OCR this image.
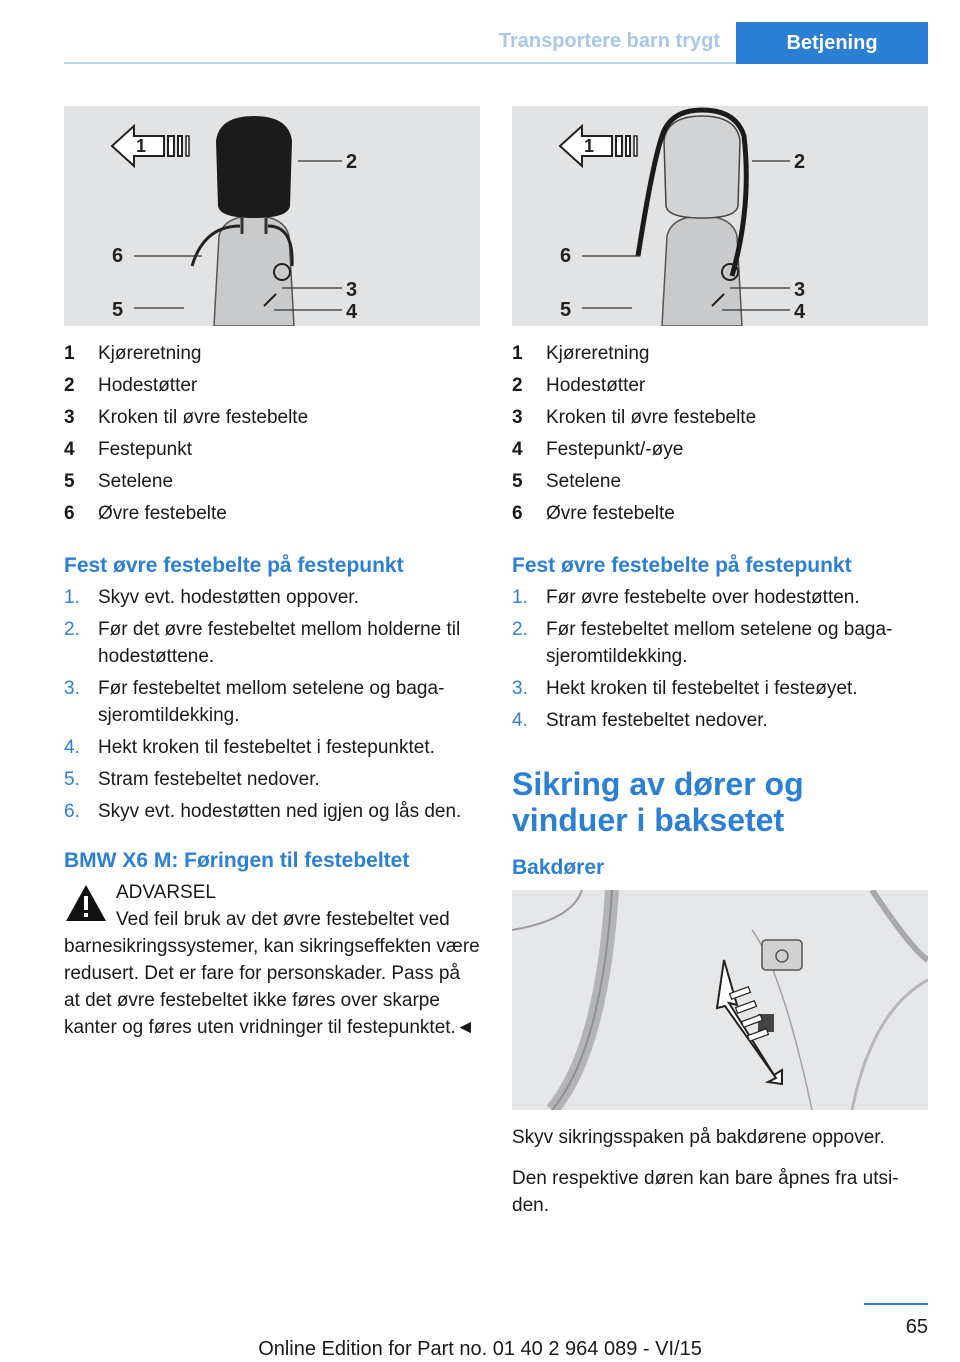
Transportere barn trygt	Betjening
1
2
6
3
5	4
1	Kjøreretning
2	Hodestøtter
3	Kroken til øvre festebelte
4	Festepunkt
5	Setelene
6	Øvre festebelte
Fest øvre festebelte på festepunkt
1. Skyv evt. hodestøtten oppover.
2. Før det øvre festebeltet mellom holderne til hodestøttene.
3. Før festebeltet mellom setelene og bagasjeromtildekking.
4. Hekt kroken til festebeltet i festepunktet.
5. Stram festebeltet nedover.
6. Skyv evt. hodestøtten ned igjen og lås den.
BMW X6 M: Føringen til festebeltet
ADVARSEL
Ved feil bruk av det øvre festebeltet ved
barnesikringssystemer, kan sikringseffekten være redusert. Det er fare for personskader. Pass på at det øvre festebeltet ikke føres over skarpe kanter og føres uten vridninger til festepunktet.◄
1
2
6
3
5	4
1	Kjøreretning
2	Hodestøtter
3	Kroken til øvre festebelte
4	Festepunkt/-øye
5	Setelene
6	Øvre festebelte
Fest øvre festebelte på festepunkt
1. Før øvre festebelte over hodestøtten.
2. Før festebeltet mellom setelene og bagasjeromtildekking.
3. Hekt kroken til festebeltet i festeøyet.
4. Stram festebeltet nedover.
Sikring av dører og vinduer i baksetet
Bakdører

Skyv sikringsspaken på bakdørene oppover.

Den respektive døren kan bare åpnes fra utsiden.

65
Online Edition for Part no. 01 40 2 964 089 - VI/15
